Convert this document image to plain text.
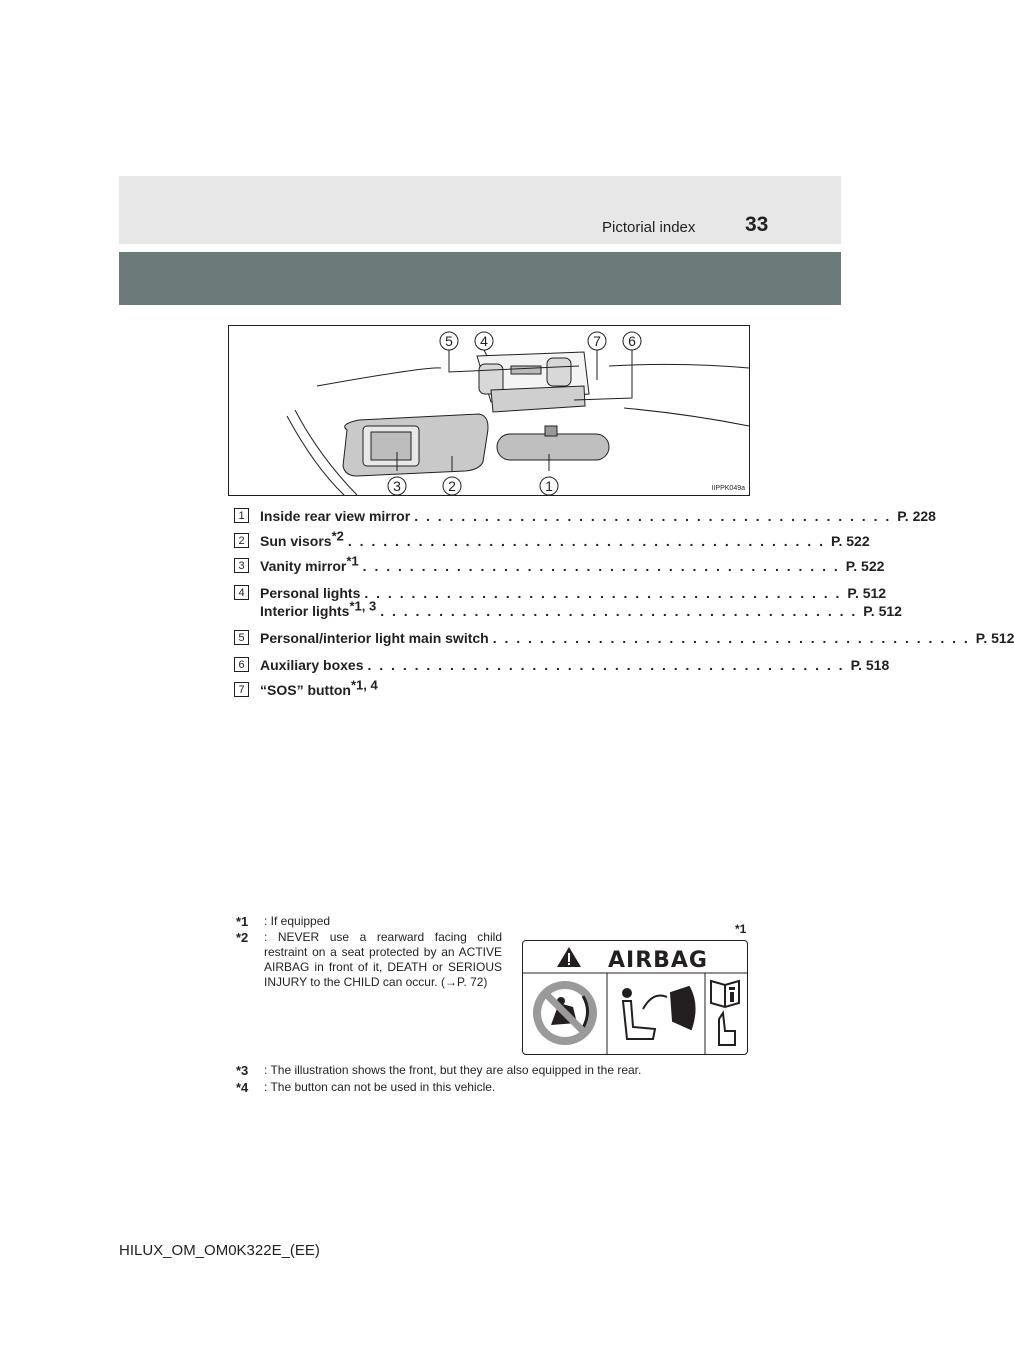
Pictorial index 33
5 4	7 6
3	2	1	IIPPK049a
1	Inside rear view mirror . . . . . . . . . . . . . . . . . . . . . . . . . . . . . . . . . . . . . . . . . P. 228
2	Sun visors$^{*2}$ . . . . . . . . . . . . . . . . . . . . . . . . . . . . . . . . . . . . . . . . . P. 522
3	Vanity mirror$^{*1}$ . . . . . . . . . . . . . . . . . . . . . . . . . . . . . . . . . . . . . . . . . P. 522
4	Personal lights . . . . . . . . . . . . . . . . . . . . . . . . . . . . . . . . . . . . . . . . . P. 512
Interior lights$^{*1, 3}$ . . . . . . . . . . . . . . . . . . . . . . . . . . . . . . . . . . . . . . . . . P. 512
5	Personal/interior light main switch . . . . . . . . . . . . . . . . . . . . . . . . . . . . . . . . . . . . . . . . . P. 512
6	Auxiliary boxes . . . . . . . . . . . . . . . . . . . . . . . . . . . . . . . . . . . . . . . . . P. 518
7	“SOS” button$^{*1, 4}$
*1 : If equipped
*2 : NEVER use a rearward facing child restraint on a seat protected by an ACTIVE AIRBAG in front of it, DEATH or SERIOUS INJURY to the CHILD can occur. (→P. 72)
*3 : The illustration shows the front, but they are also equipped in the rear.
*4 : The button can not be used in this vehicle.
*1
AIRBAG
HILUX_OM_OM0K322E_(EE)
